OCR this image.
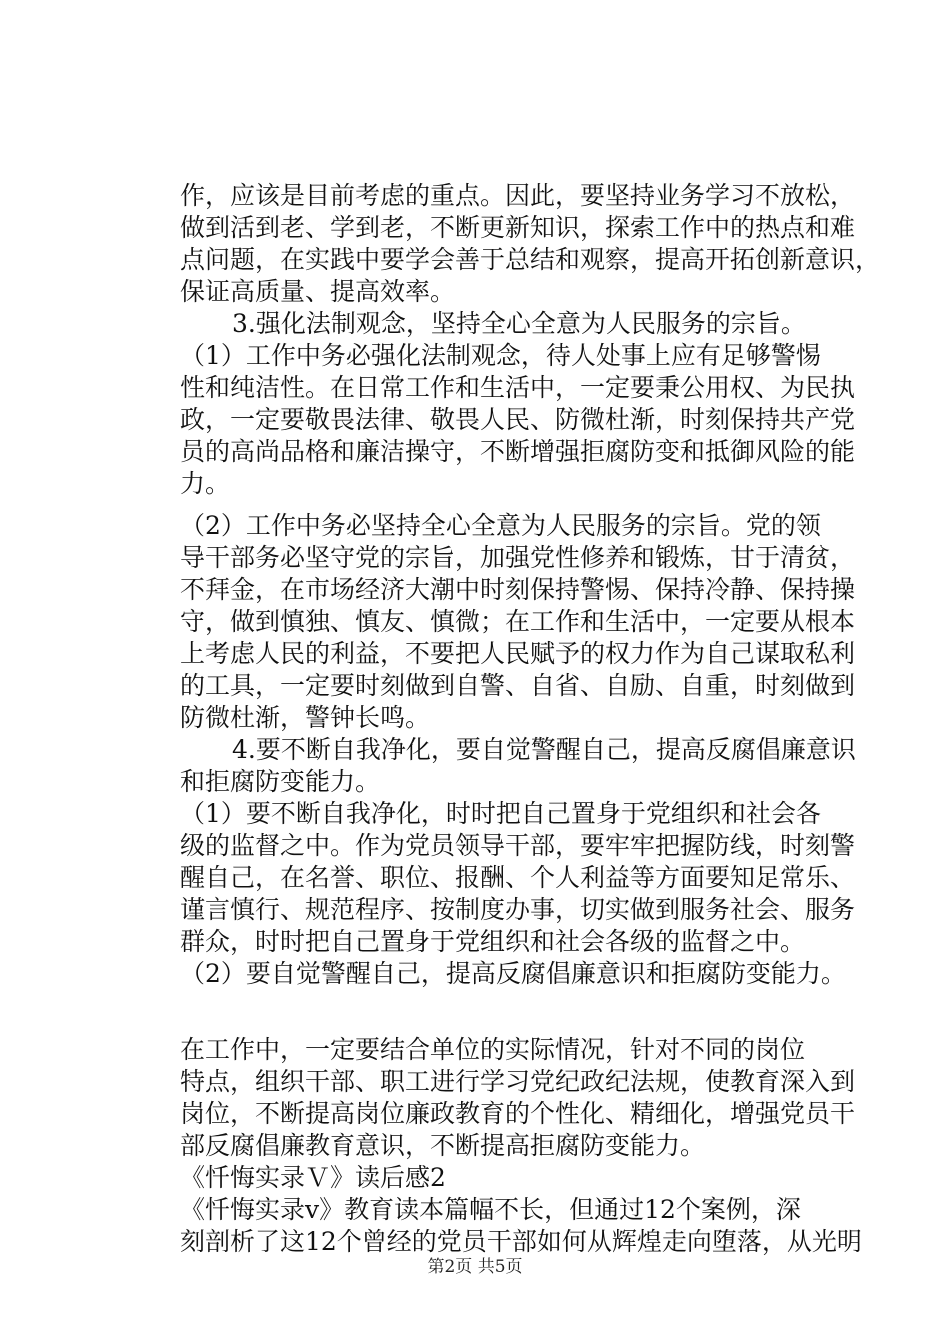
作，应该是目前考虑的重点。因此，要坚持业务学习不放松，
做到活到老、学到老，不断更新知识，探索工作中的热点和难
点问题，在实践中要学会善于总结和观察，提高开拓创新意识，
保证高质量、提高效率。
3.强化法制观念，坚持全心全意为人民服务的宗旨。
（1）工作中务必强化法制观念，待人处事上应有足够警惕
性和纯洁性。在日常工作和生活中，一定要秉公用权、为民执
政，一定要敬畏法律、敬畏人民、防微杜渐，时刻保持共产党
员的高尚品格和廉洁操守，不断增强拒腐防变和抵御风险的能
力。
（2）工作中务必坚持全心全意为人民服务的宗旨。党的领
导干部务必坚守党的宗旨，加强党性修养和锻炼，甘于清贫，
不拜金，在市场经济大潮中时刻保持警惕、保持冷静、保持操
守，做到慎独、慎友、慎微；在工作和生活中，一定要从根本
上考虑人民的利益，不要把人民赋予的权力作为自己谋取私利
的工具，一定要时刻做到自警、自省、自励、自重，时刻做到
防微杜渐，警钟长鸣。
4.要不断自我净化，要自觉警醒自己，提高反腐倡廉意识
和拒腐防变能力。
（1）要不断自我净化，时时把自己置身于党组织和社会各
级的监督之中。作为党员领导干部，要牢牢把握防线，时刻警
醒自己，在名誉、职位、报酬、个人利益等方面要知足常乐、
谨言慎行、规范程序、按制度办事，切实做到服务社会、服务
群众，时时把自己置身于党组织和社会各级的监督之中。
（2）要自觉警醒自己，提高反腐倡廉意识和拒腐防变能力。
在工作中，一定要结合单位的实际情况，针对不同的岗位
特点，组织干部、职工进行学习党纪政纪法规，使教育深入到
岗位，不断提高岗位廉政教育的个性化、精细化，增强党员干
部反腐倡廉教育意识，不断提高拒腐防变能力。
《忏悔实录Ｖ》读后感2
《忏悔实录v》教育读本篇幅不长，但通过12个案例，深
刻剖析了这12个曾经的党员干部如何从辉煌走向堕落，从光明
第2页 共5页
